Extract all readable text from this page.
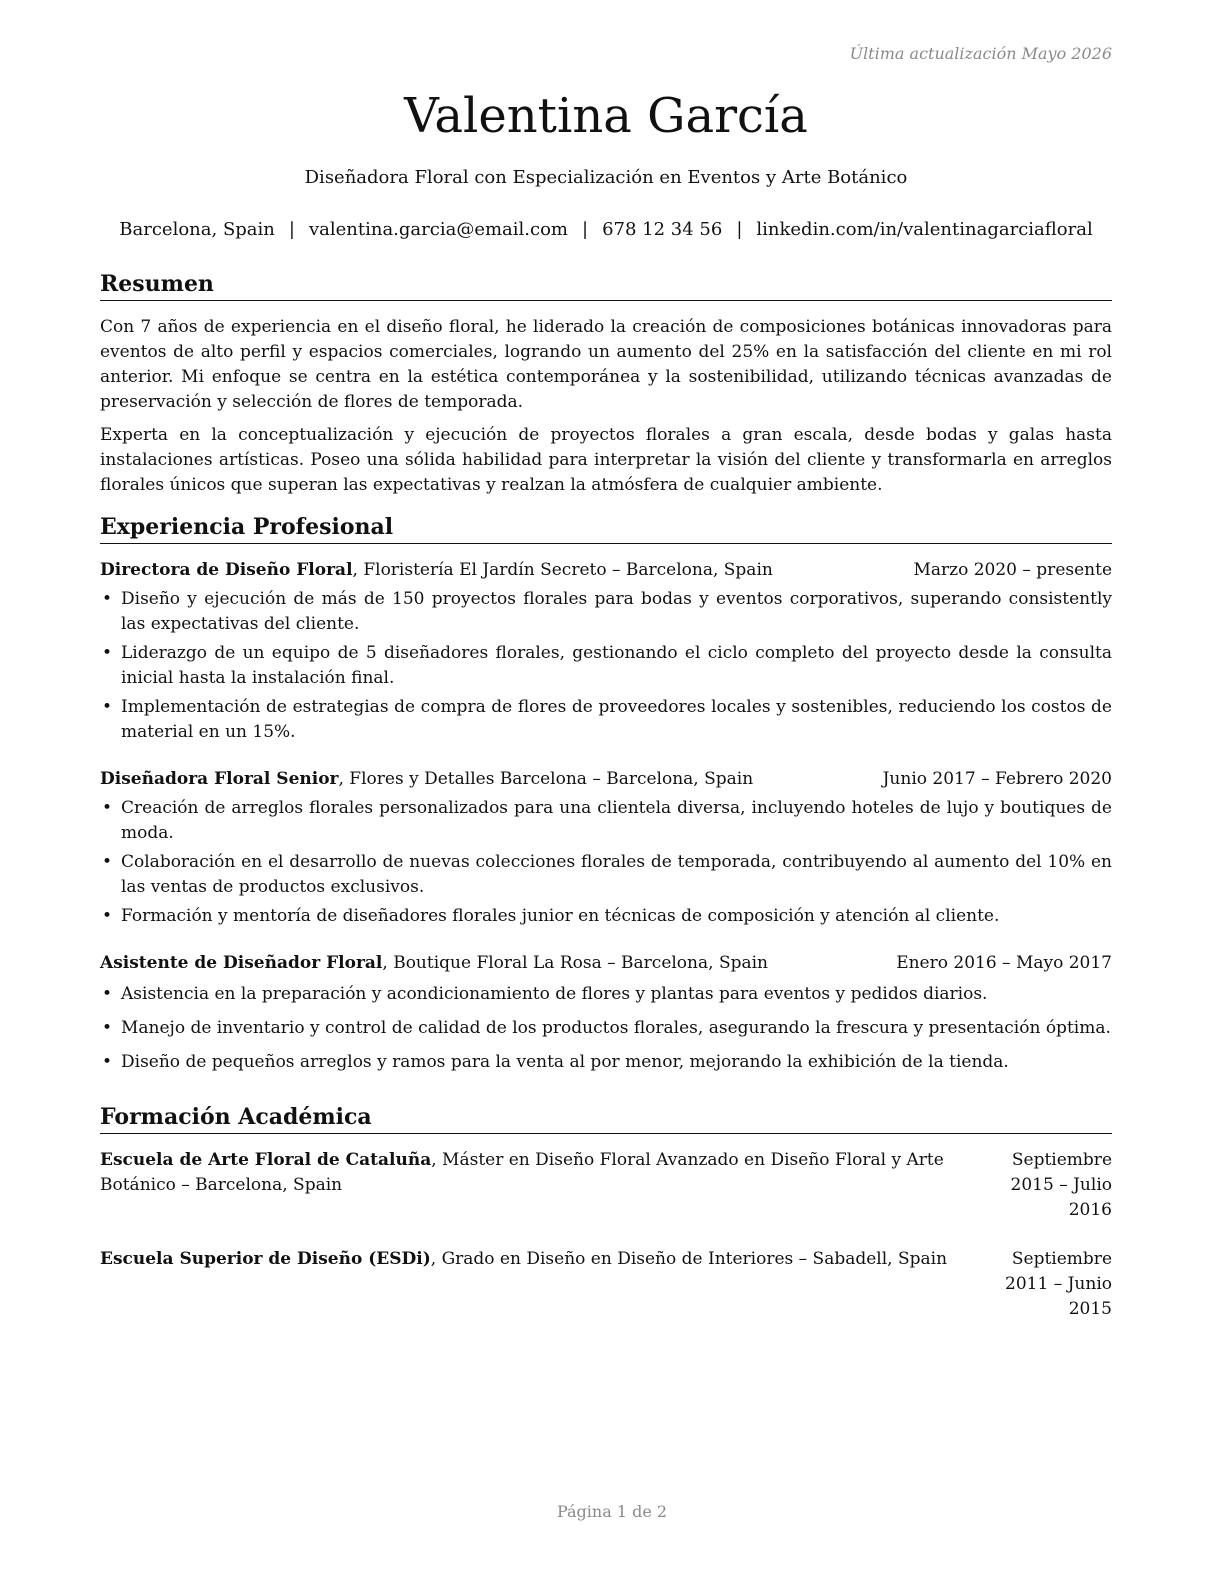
Última actualización Mayo 2026
Valentina García
Diseñadora Floral con Especialización en Eventos y Arte Botánico
Barcelona, Spain | valentina.garcia@email.com | 678 12 34 56 | linkedin.com/in/valentinagarciafloral
Resumen

Con 7 años de experiencia en el diseño floral, he liderado la creación de composiciones botánicas innovadoras para eventos de alto perfil y espacios comerciales, logrando un aumento del 25% en la satisfacción del cliente en mi rol anterior. Mi enfoque se centra en la estética contemporánea y la sostenibilidad, utilizando técnicas avanzadas de preservación y selección de flores de temporada.

Experta en la conceptualización y ejecución de proyectos florales a gran escala, desde bodas y galas hasta instalaciones artísticas. Poseo una sólida habilidad para interpretar la visión del cliente y transformarla en arreglos florales únicos que superan las expectativas y realzan la atmósfera de cualquier ambiente.

Experiencia Profesional
Directora de Diseño Floral, Floristería El Jardín Secreto – Barcelona, Spain	Marzo 2020 – presente
• Diseño y ejecución de más de 150 proyectos florales para bodas y eventos corporativos, superando consistently las expectativas del cliente.
• Liderazgo de un equipo de 5 diseñadores florales, gestionando el ciclo completo del proyecto desde la consulta inicial hasta la instalación final.
• Implementación de estrategias de compra de flores de proveedores locales y sostenibles, reduciendo los costos de material en un 15%.
Diseñadora Floral Senior, Flores y Detalles Barcelona – Barcelona, Spain	Junio 2017 – Febrero 2020
• Creación de arreglos florales personalizados para una clientela diversa, incluyendo hoteles de lujo y boutiques de moda.
• Colaboración en el desarrollo de nuevas colecciones florales de temporada, contribuyendo al aumento del 10% en las ventas de productos exclusivos.
• Formación y mentoría de diseñadores florales junior en técnicas de composición y atención al cliente.
Asistente de Diseñador Floral, Boutique Floral La Rosa – Barcelona, Spain	Enero 2016 – Mayo 2017
• Asistencia en la preparación y acondicionamiento de flores y plantas para eventos y pedidos diarios.
• Manejo de inventario y control de calidad de los productos florales, asegurando la frescura y presentación óptima.
• Diseño de pequeños arreglos y ramos para la venta al por menor, mejorando la exhibición de la tienda.
Formación Académica
Escuela de Arte Floral de Cataluña, Máster en Diseño Floral Avanzado en Diseño Floral y Arte Botánico – Barcelona, Spain
Septiembre 2015 – Julio 2016
Escuela Superior de Diseño (ESDi), Grado en Diseño en Diseño de Interiores – Sabadell, Spain	Septiembre 2011 – Junio 2015
Página 1 de 2
